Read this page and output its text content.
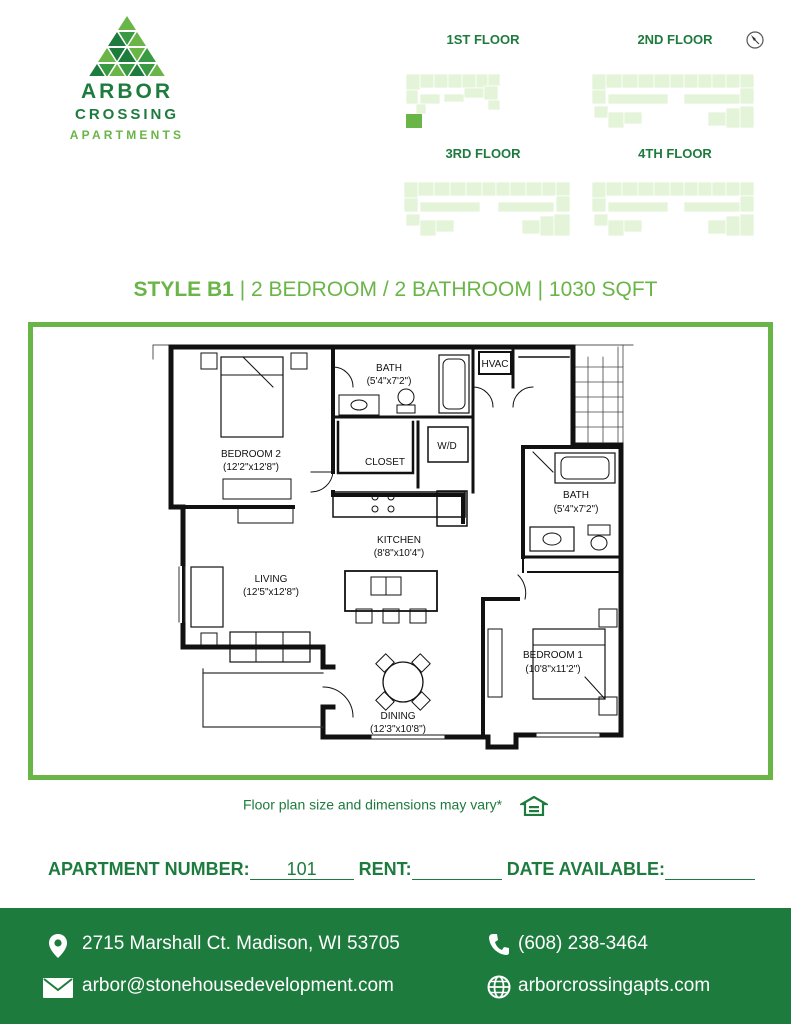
ARBOR
CROSSING
APARTMENTS
1ST FLOOR	2ND FLOOR
3RD FLOOR	4TH FLOOR
STYLE B1 | 2 BEDROOM / 2 BATHROOM | 1030 SQFT
BATH
(5'4"x7'2")
HVAC
BEDROOM 2
(12'2"x12'8")	CLOSET
W/D
BATH
(5'4"x7'2")
KITCHEN
(8'8"x10'4")
LIVING
(12'5"x12'8")
BEDROOM 1
(10'8"x11'2")
DINING
(12'3"x10'8")
Floor plan size and dimensions may vary*
APARTMENT NUMBER: 101 RENT:	DATE AVAILABLE:
2715 Marshall Ct. Madison, WI 53705	(608) 238-3464
arbor@stonehousedevelopment.com	arborcrossingapts.com
